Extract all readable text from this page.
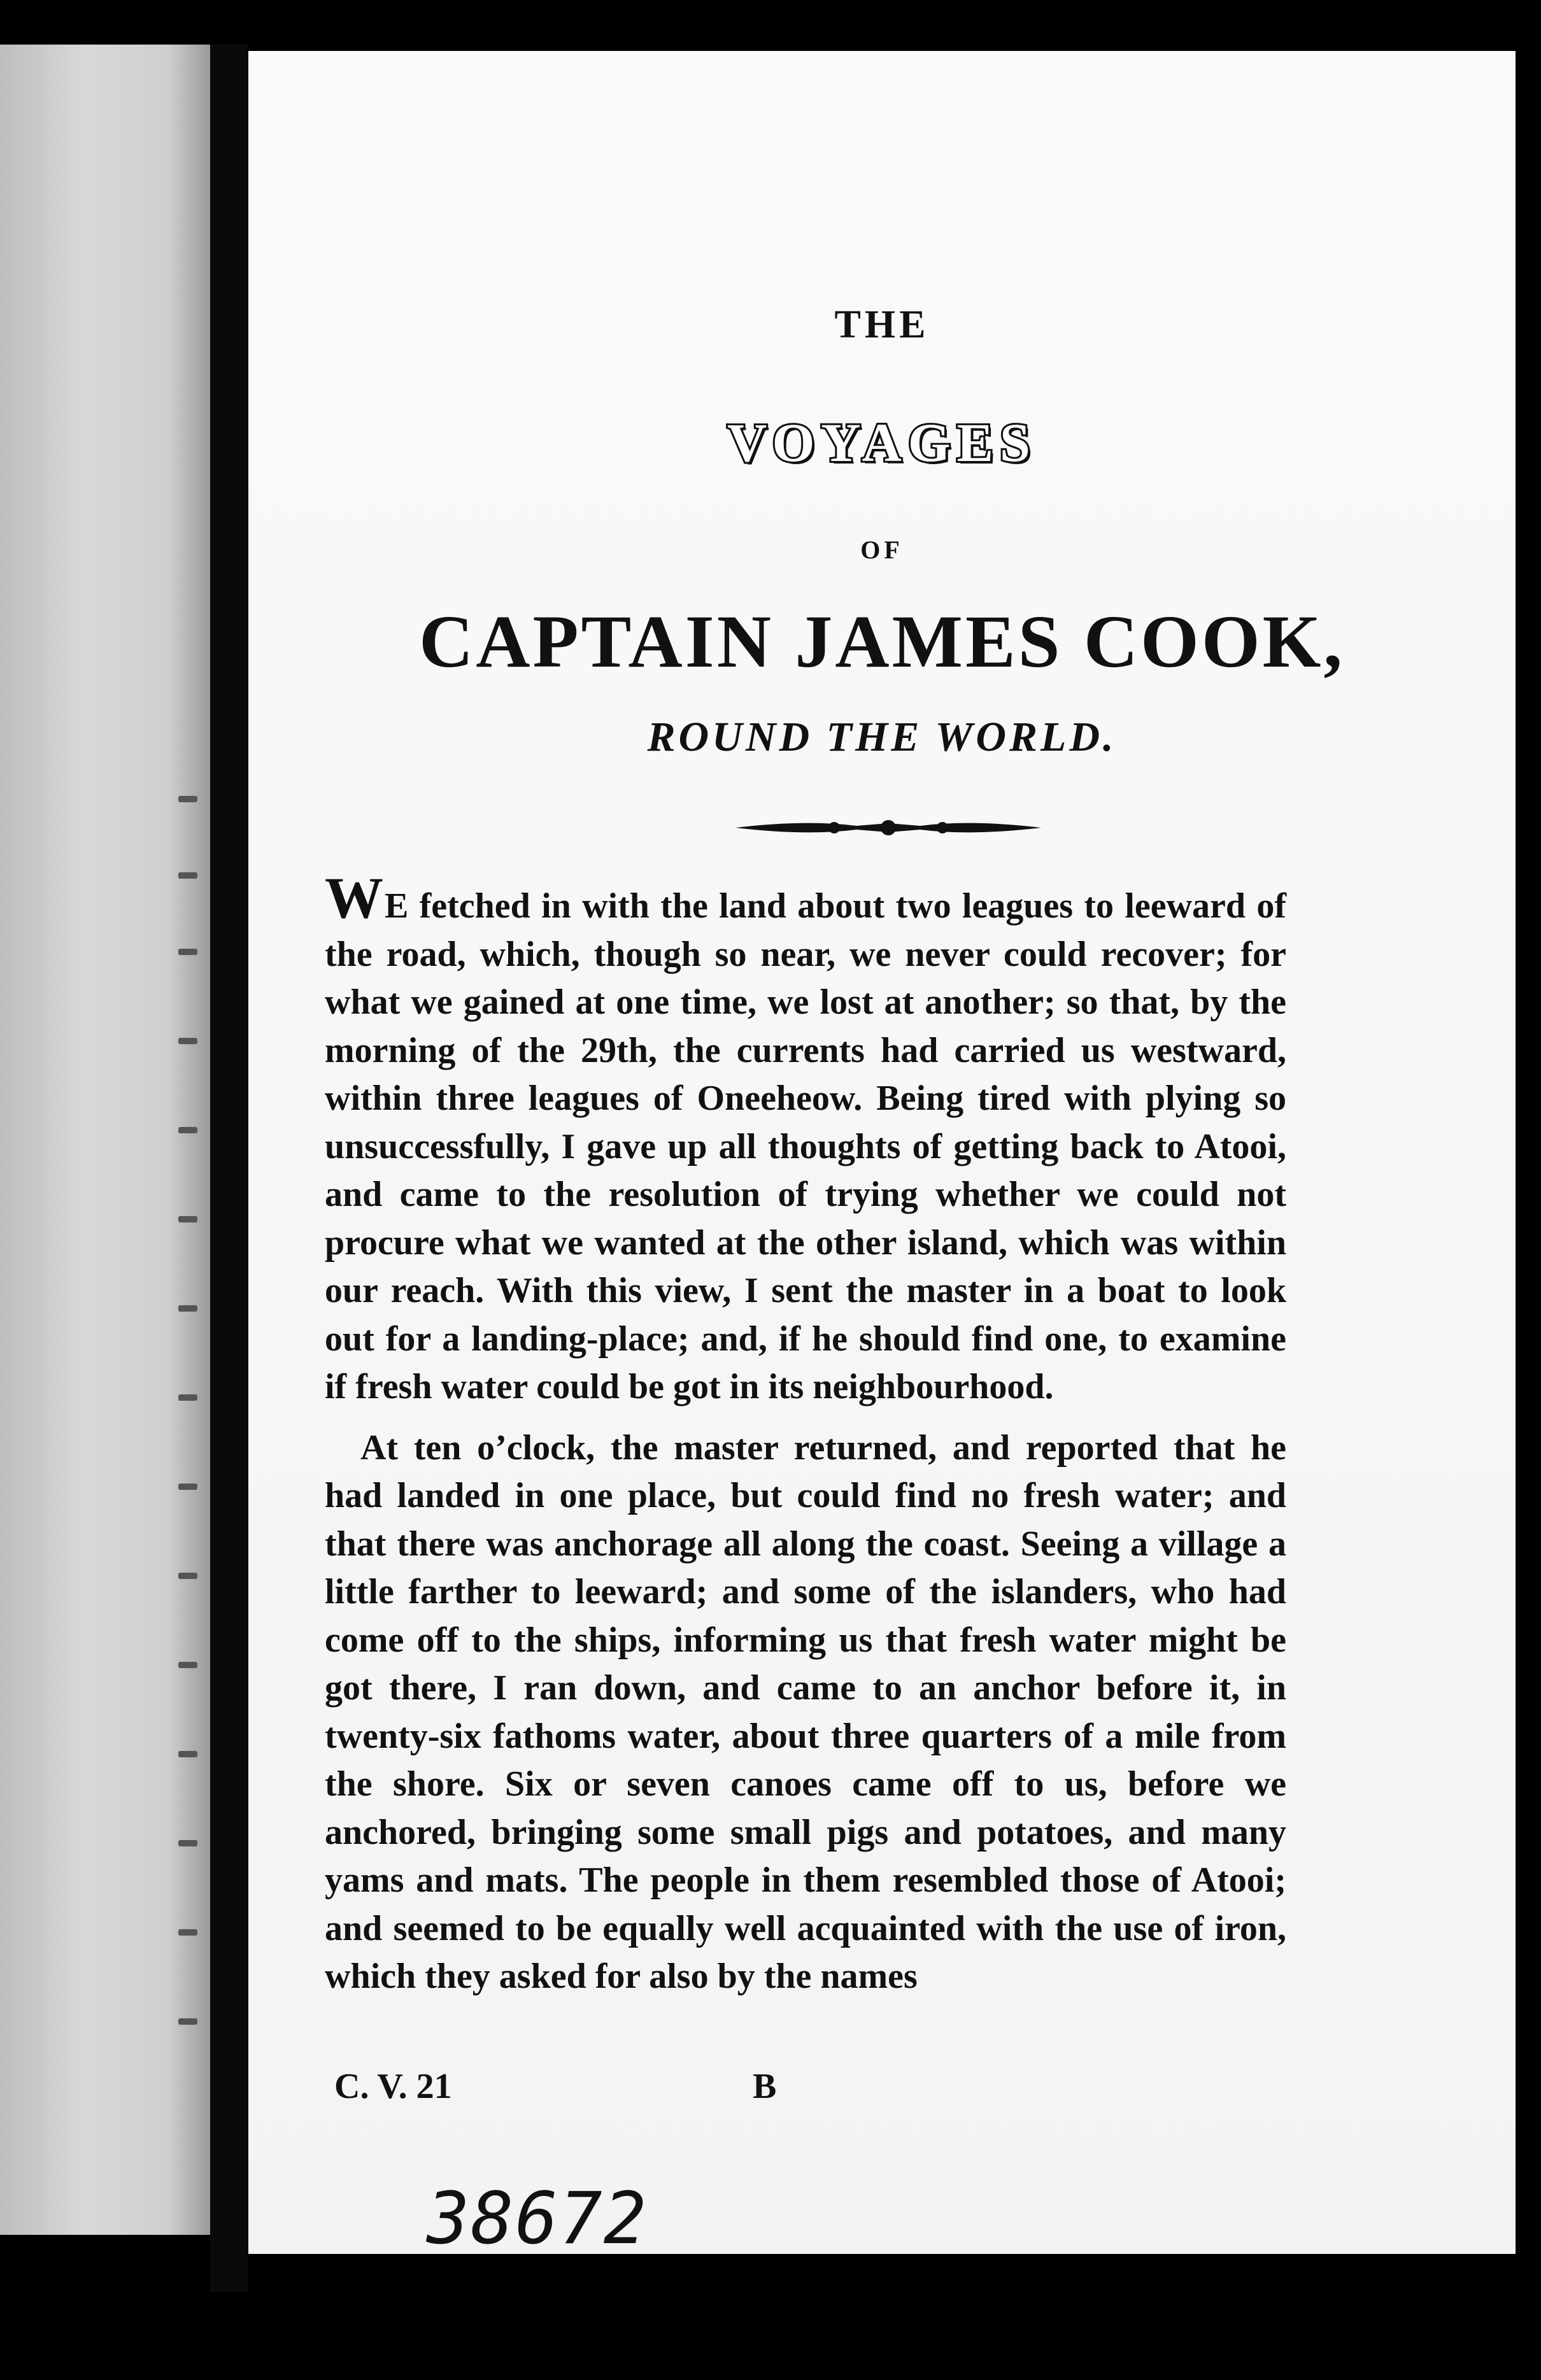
THE
VOYAGES
OF
CAPTAIN JAMES COOK,
ROUND THE WORLD.

WE fetched in with the land about two leagues to leeward of the road, which, though so near, we never could recover; for what we gained at one time, we lost at another; so that, by the morning of the 29th, the currents had carried us westward, within three leagues of Oneeheow. Being tired with plying so unsuccessfully, I gave up all thoughts of getting back to Atooi, and came to the resolution of trying whether we could not procure what we wanted at the other island, which was within our reach. With this view, I sent the master in a boat to look out for a landing-place; and, if he should find one, to examine if fresh water could be got in its neighbourhood.

At ten o’clock, the master returned, and reported that he had landed in one place, but could find no fresh water; and that there was anchorage all along the coast. Seeing a village a little farther to leeward; and some of the islanders, who had come off to the ships, informing us that fresh water might be got there, I ran down, and came to an anchor before it, in twenty-six fathoms water, about three quarters of a mile from the shore. Six or seven canoes came off to us, before we anchored, bringing some small pigs and potatoes, and many yams and mats. The people in them resembled those of Atooi; and seemed to be equally well acquainted with the use of iron, which they asked for also by the names

C. V. 21	B
38672
